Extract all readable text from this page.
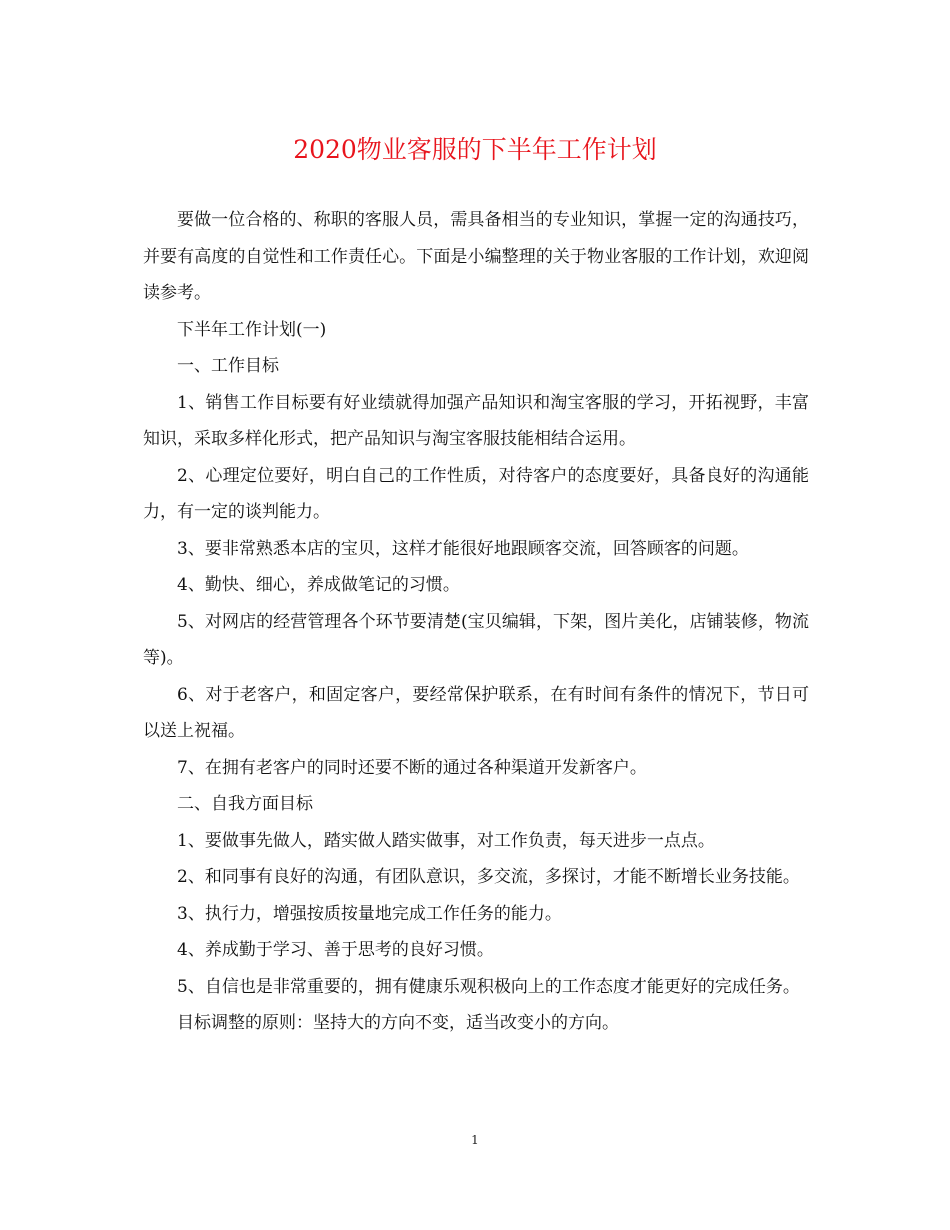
2020物业客服的下半年工作计划

要做一位合格的、称职的客服人员，需具备相当的专业知识，掌握一定的沟通技巧，并要有高度的自觉性和工作责任心。下面是小编整理的关于物业客服的工作计划，欢迎阅读参考。

下半年工作计划(一)

一、工作目标

1、销售工作目标要有好业绩就得加强产品知识和淘宝客服的学习，开拓视野，丰富知识，采取多样化形式，把产品知识与淘宝客服技能相结合运用。

2、心理定位要好，明白自己的工作性质，对待客户的态度要好，具备良好的沟通能力，有一定的谈判能力。

3、要非常熟悉本店的宝贝，这样才能很好地跟顾客交流，回答顾客的问题。

4、勤快、细心，养成做笔记的习惯。

5、对网店的经营管理各个环节要清楚(宝贝编辑，下架，图片美化，店铺装修，物流等)。

6、对于老客户，和固定客户，要经常保护联系，在有时间有条件的情况下，节日可以送上祝福。

7、在拥有老客户的同时还要不断的通过各种渠道开发新客户。

二、自我方面目标

1、要做事先做人，踏实做人踏实做事，对工作负责，每天进步一点点。

2、和同事有良好的沟通，有团队意识，多交流，多探讨，才能不断增长业务技能。

3、执行力，增强按质按量地完成工作任务的能力。

4、养成勤于学习、善于思考的良好习惯。

5、自信也是非常重要的，拥有健康乐观积极向上的工作态度才能更好的完成任务。

目标调整的原则：坚持大的方向不变，适当改变小的方向。

1
